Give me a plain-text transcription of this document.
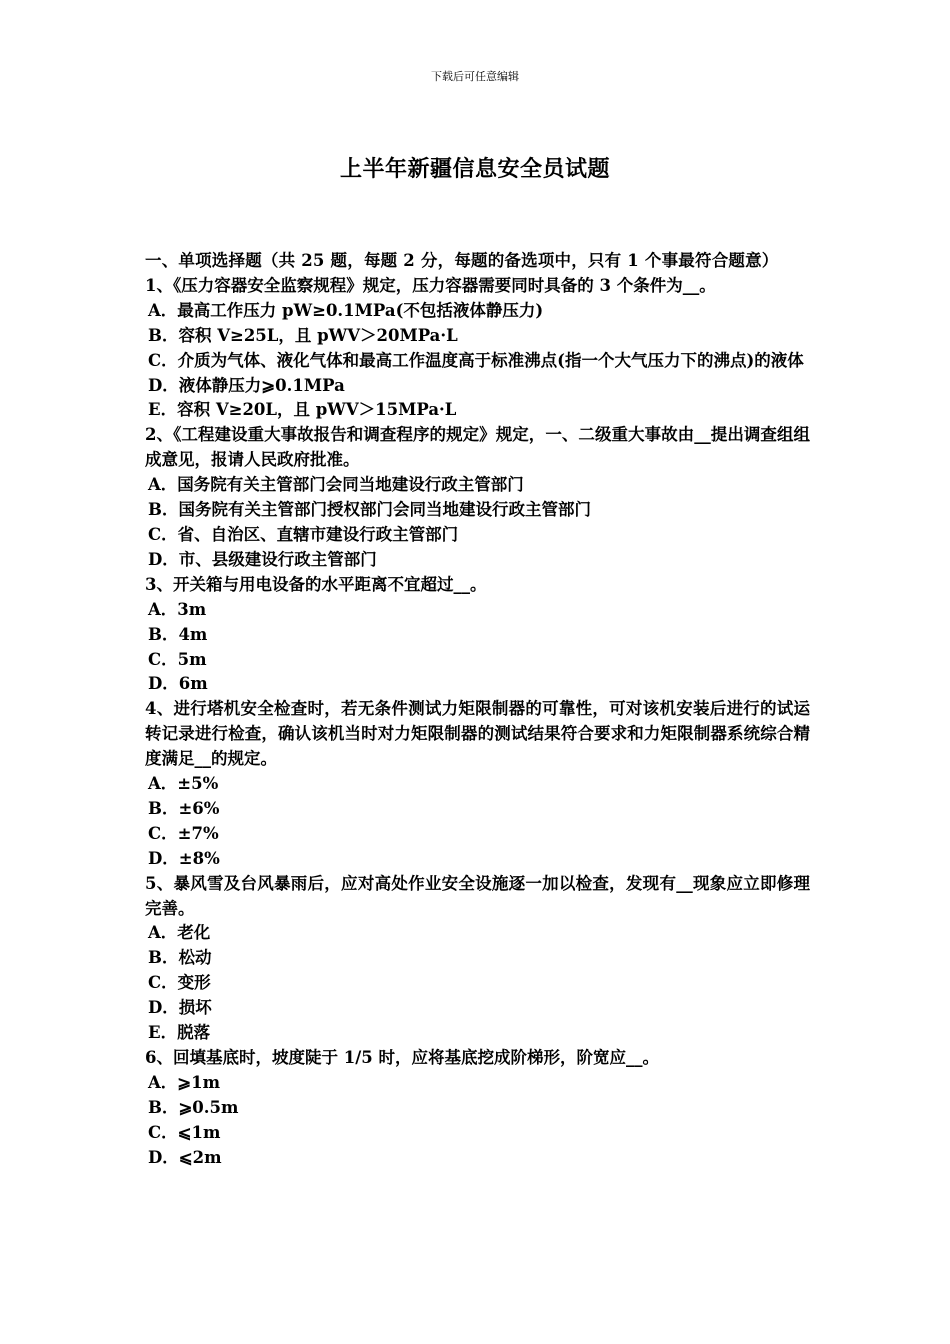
下载后可任意编辑
上半年新疆信息安全员试题
一、单项选择题（共 25 题，每题 2 分，每题的备选项中，只有 1 个事最符合题意）
1、《压力容器安全监察规程》规定，压力容器需要同时具备的 3 个条件为__。
A．最高工作压力 pW≥0.1MPa(不包括液体静压力)
B．容积 V≥25L，且 pWV＞20MPa·L
C．介质为气体、液化气体和最高工作温度高于标准沸点(指一个大气压力下的沸点)的液体
D．液体静压力⩾0.1MPa
E．容积 V≥20L，且 pWV＞15MPa·L
2、《工程建设重大事故报告和调查程序的规定》规定，一、二级重大事故由__提出调查组组成意见，报请人民政府批准。
A．国务院有关主管部门会同当地建设行政主管部门
B．国务院有关主管部门授权部门会同当地建设行政主管部门
C．省、自治区、直辖市建设行政主管部门
D．市、县级建设行政主管部门
3、开关箱与用电设备的水平距离不宜超过__。
A．3m
B．4m
C．5m
D．6m
4、进行塔机安全检查时，若无条件测试力矩限制器的可靠性，可对该机安装后进行的试运转记录进行检查，确认该机当时对力矩限制器的测试结果符合要求和力矩限制器系统综合精度满足__的规定。
A．±5%
B．±6%
C．±7%
D．±8%
5、暴风雪及台风暴雨后，应对高处作业安全设施逐一加以检查，发现有__现象应立即修理完善。
A．老化
B．松动
C．变形
D．损坏
E．脱落
6、回填基底时，坡度陡于 1/5 时，应将基底挖成阶梯形，阶宽应__。
A．⩾1m
B．⩾0.5m
C．⩽1m
D．⩽2m
